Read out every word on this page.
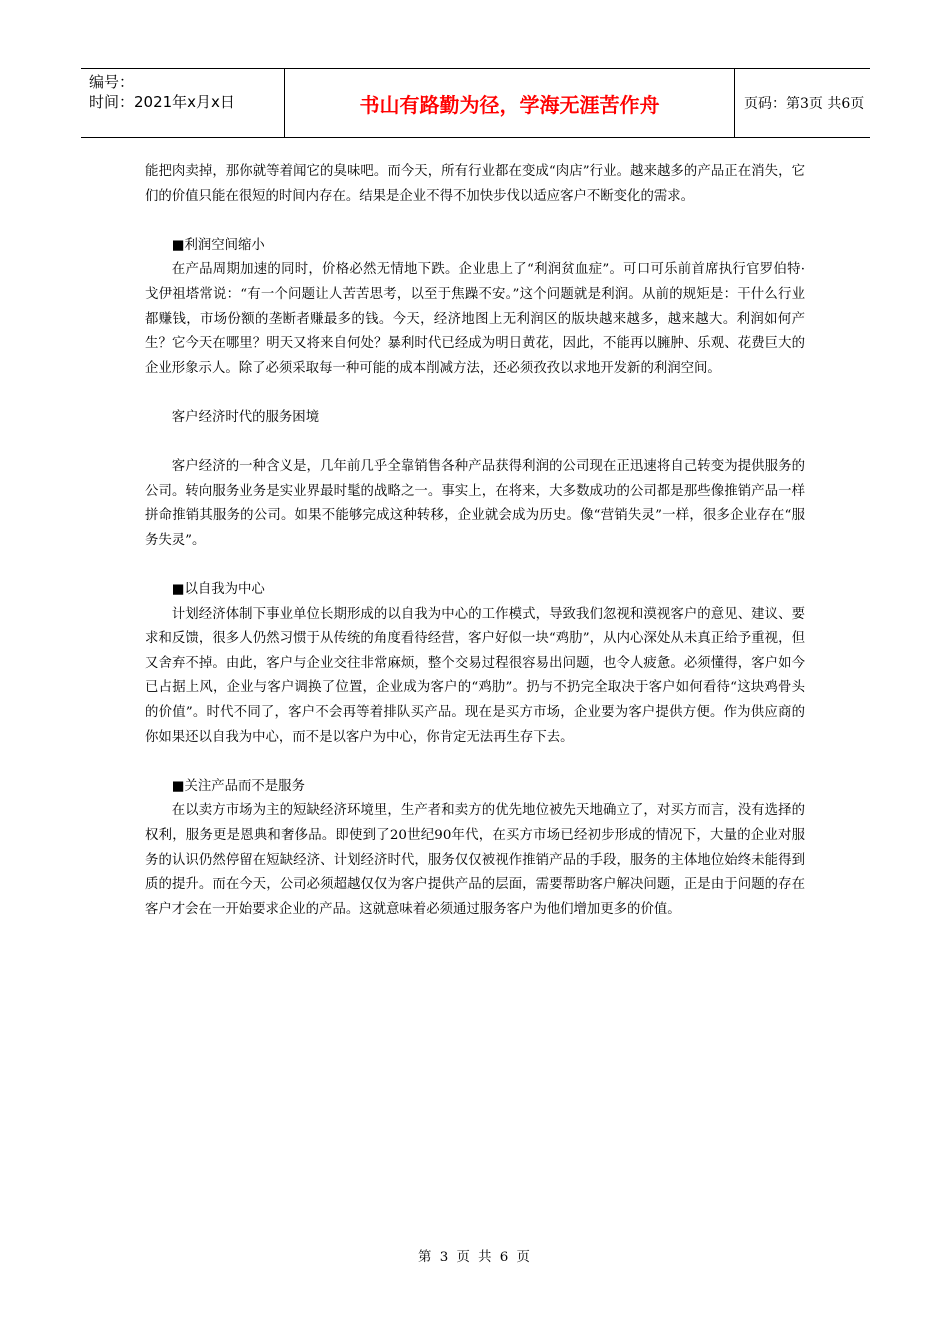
编号：
时间：2021年x月x日	书山有路勤为径，学海无涯苦作舟	页码：第3页 共6页

能把肉卖掉，那你就等着闻它的臭味吧。而今天，所有行业都在变成“肉店”行业。越来越多的产品正在消失，它们的价值只能在很短的时间内存在。结果是企业不得不加快步伐以适应客户不断变化的需求。

■利润空间缩小

在产品周期加速的同时，价格必然无情地下跌。企业患上了“利润贫血症”。可口可乐前首席执行官罗伯特·戈伊祖塔常说：“有一个问题让人苦苦思考，以至于焦躁不安。”这个问题就是利润。从前的规矩是：干什么行业都赚钱，市场份额的垄断者赚最多的钱。今天，经济地图上无利润区的版块越来越多，越来越大。利润如何产生？它今天在哪里？明天又将来自何处？暴利时代已经成为明日黄花，因此，不能再以臃肿、乐观、花费巨大的企业形象示人。除了必须采取每一种可能的成本削减方法，还必须孜孜以求地开发新的利润空间。

客户经济时代的服务困境

客户经济的一种含义是，几年前几乎全靠销售各种产品获得利润的公司现在正迅速将自己转变为提供服务的公司。转向服务业务是实业界最时髦的战略之一。事实上，在将来，大多数成功的公司都是那些像推销产品一样拼命推销其服务的公司。如果不能够完成这种转移，企业就会成为历史。像“营销失灵”一样，很多企业存在“服务失灵”。

■以自我为中心

计划经济体制下事业单位长期形成的以自我为中心的工作模式，导致我们忽视和漠视客户的意见、建议、要求和反馈，很多人仍然习惯于从传统的角度看待经营，客户好似一块“鸡肋”，从内心深处从未真正给予重视，但又舍弃不掉。由此，客户与企业交往非常麻烦，整个交易过程很容易出问题，也令人疲惫。必须懂得，客户如今已占据上风，企业与客户调换了位置，企业成为客户的“鸡肋”。扔与不扔完全取决于客户如何看待“这块鸡骨头的价值”。时代不同了，客户不会再等着排队买产品。现在是买方市场，企业要为客户提供方便。作为供应商的你如果还以自我为中心，而不是以客户为中心，你肯定无法再生存下去。

■关注产品而不是服务

在以卖方市场为主的短缺经济环境里，生产者和卖方的优先地位被先天地确立了，对买方而言，没有选择的权利，服务更是恩典和奢侈品。即使到了20世纪90年代，在买方市场已经初步形成的情况下，大量的企业对服务的认识仍然停留在短缺经济、计划经济时代，服务仅仅被视作推销产品的手段，服务的主体地位始终未能得到质的提升。而在今天，公司必须超越仅仅为客户提供产品的层面，需要帮助客户解决问题，正是由于问题的存在客户才会在一开始要求企业的产品。这就意味着必须通过服务客户为他们增加更多的价值。

第 3 页 共 6 页
